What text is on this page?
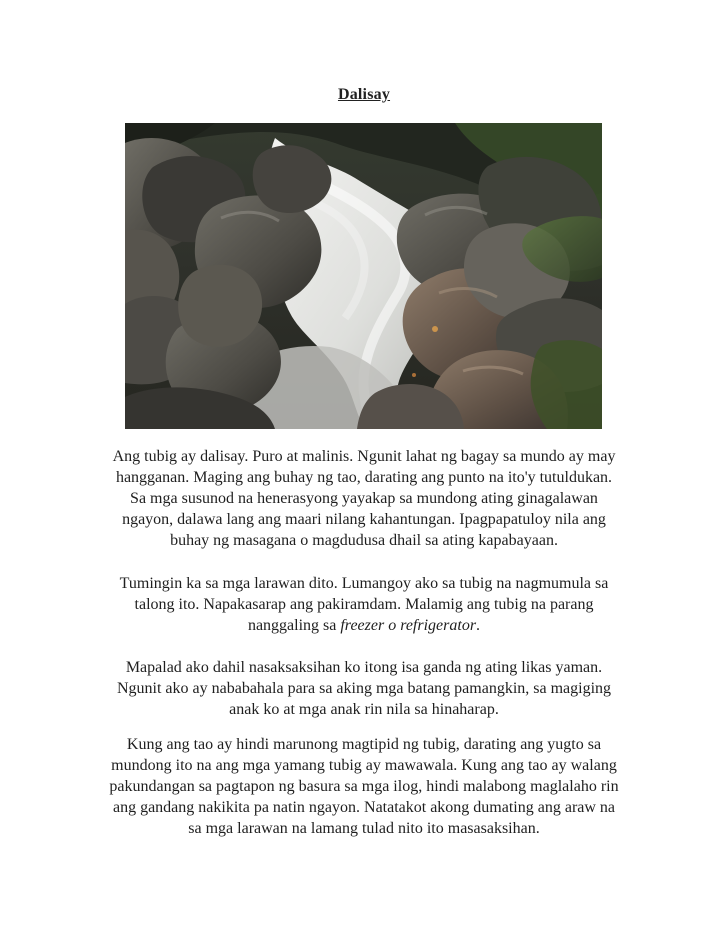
Dalisay
Ang tubig ay dalisay. Puro at malinis. Ngunit lahat ng bagay sa mundo ay may hangganan. Maging ang buhay ng tao, darating ang punto na ito'y tutuldukan. Sa mga susunod na henerasyong yayakap sa mundong ating ginagalawan ngayon, dalawa lang ang maari nilang kahantungan. Ipagpapatuloy nila ang buhay ng masagana o magdudusa dhail sa ating kapabayaan.
Tumingin ka sa mga larawan dito. Lumangoy ako sa tubig na nagmumula sa talong ito. Napakasarap ang pakiramdam. Malamig ang tubig na parang nanggaling sa freezer o refrigerator.
Mapalad ako dahil nasaksaksihan ko itong isa ganda ng ating likas yaman. Ngunit ako ay nababahala para sa aking mga batang pamangkin, sa magiging anak ko at mga anak rin nila sa hinaharap.
Kung ang tao ay hindi marunong magtipid ng tubig, darating ang yugto sa mundong ito na ang mga yamang tubig ay mawawala. Kung ang tao ay walang pakundangan sa pagtapon ng basura sa mga ilog, hindi malabong maglalaho rin ang gandang nakikita pa natin ngayon. Natatakot akong dumating ang araw na sa mga larawan na lamang tulad nito ito masasaksihan.
